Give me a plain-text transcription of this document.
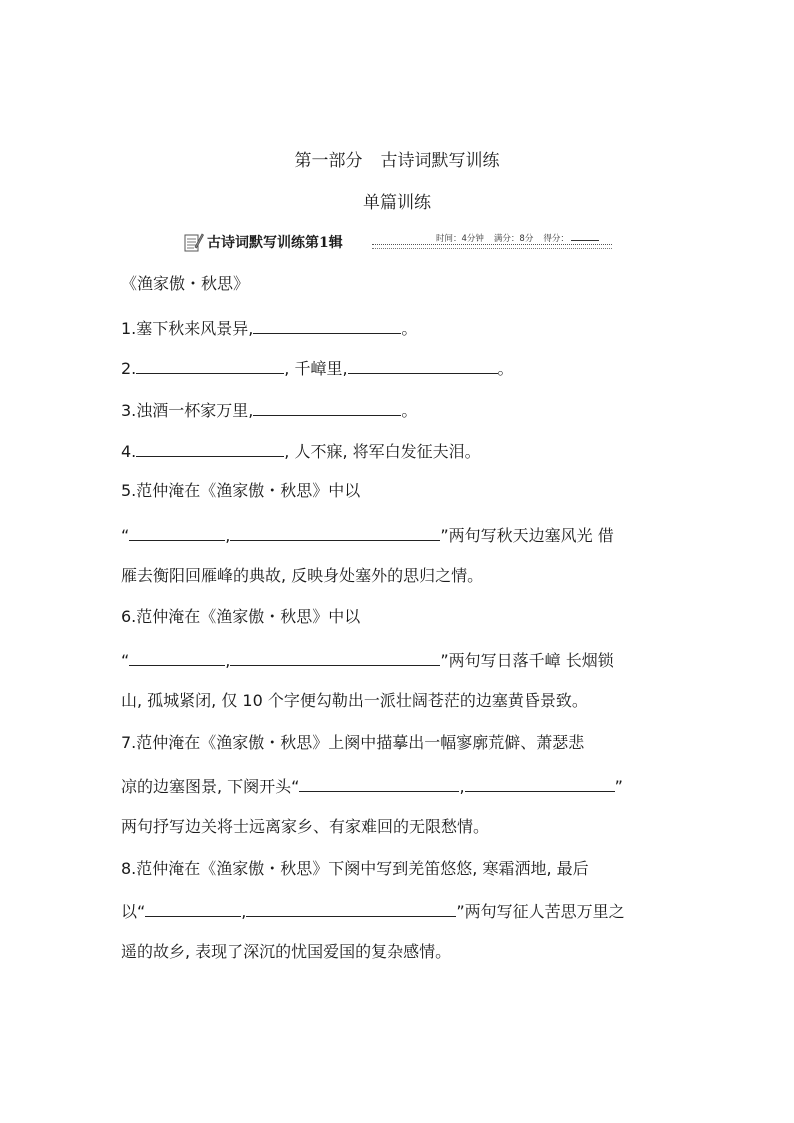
第一部分 古诗词默写训练
单篇训练
古诗词默写训练第1辑	时间：4分钟 满分：8分 得分：
《渔家傲・秋思》
1.塞下秋来风景异,	。
2.	, 千嶂里,	。
3.浊酒一杯家万里,	。
4.	, 人不寐, 将军白发征夫泪。
5.范仲淹在《渔家傲・秋思》中以
“	,	”两句写秋天边塞风光 借
雁去衡阳回雁峰的典故, 反映身处塞外的思归之情。
6.范仲淹在《渔家傲・秋思》中以
“	,	”两句写日落千嶂 长烟锁
山, 孤城紧闭, 仅 10 个字便勾勒出一派壮阔苍茫的边塞黄昏景致。
7.范仲淹在《渔家傲・秋思》上阕中描摹出一幅寥廓荒僻、萧瑟悲
凉的边塞图景, 下阕开头“	,	”
两句抒写边关将士远离家乡、有家难回的无限愁情。
8.范仲淹在《渔家傲・秋思》下阕中写到羌笛悠悠, 寒霜洒地, 最后
以“	,	”两句写征人苦思万里之
遥的故乡, 表现了深沉的忧国爱国的复杂感情。
